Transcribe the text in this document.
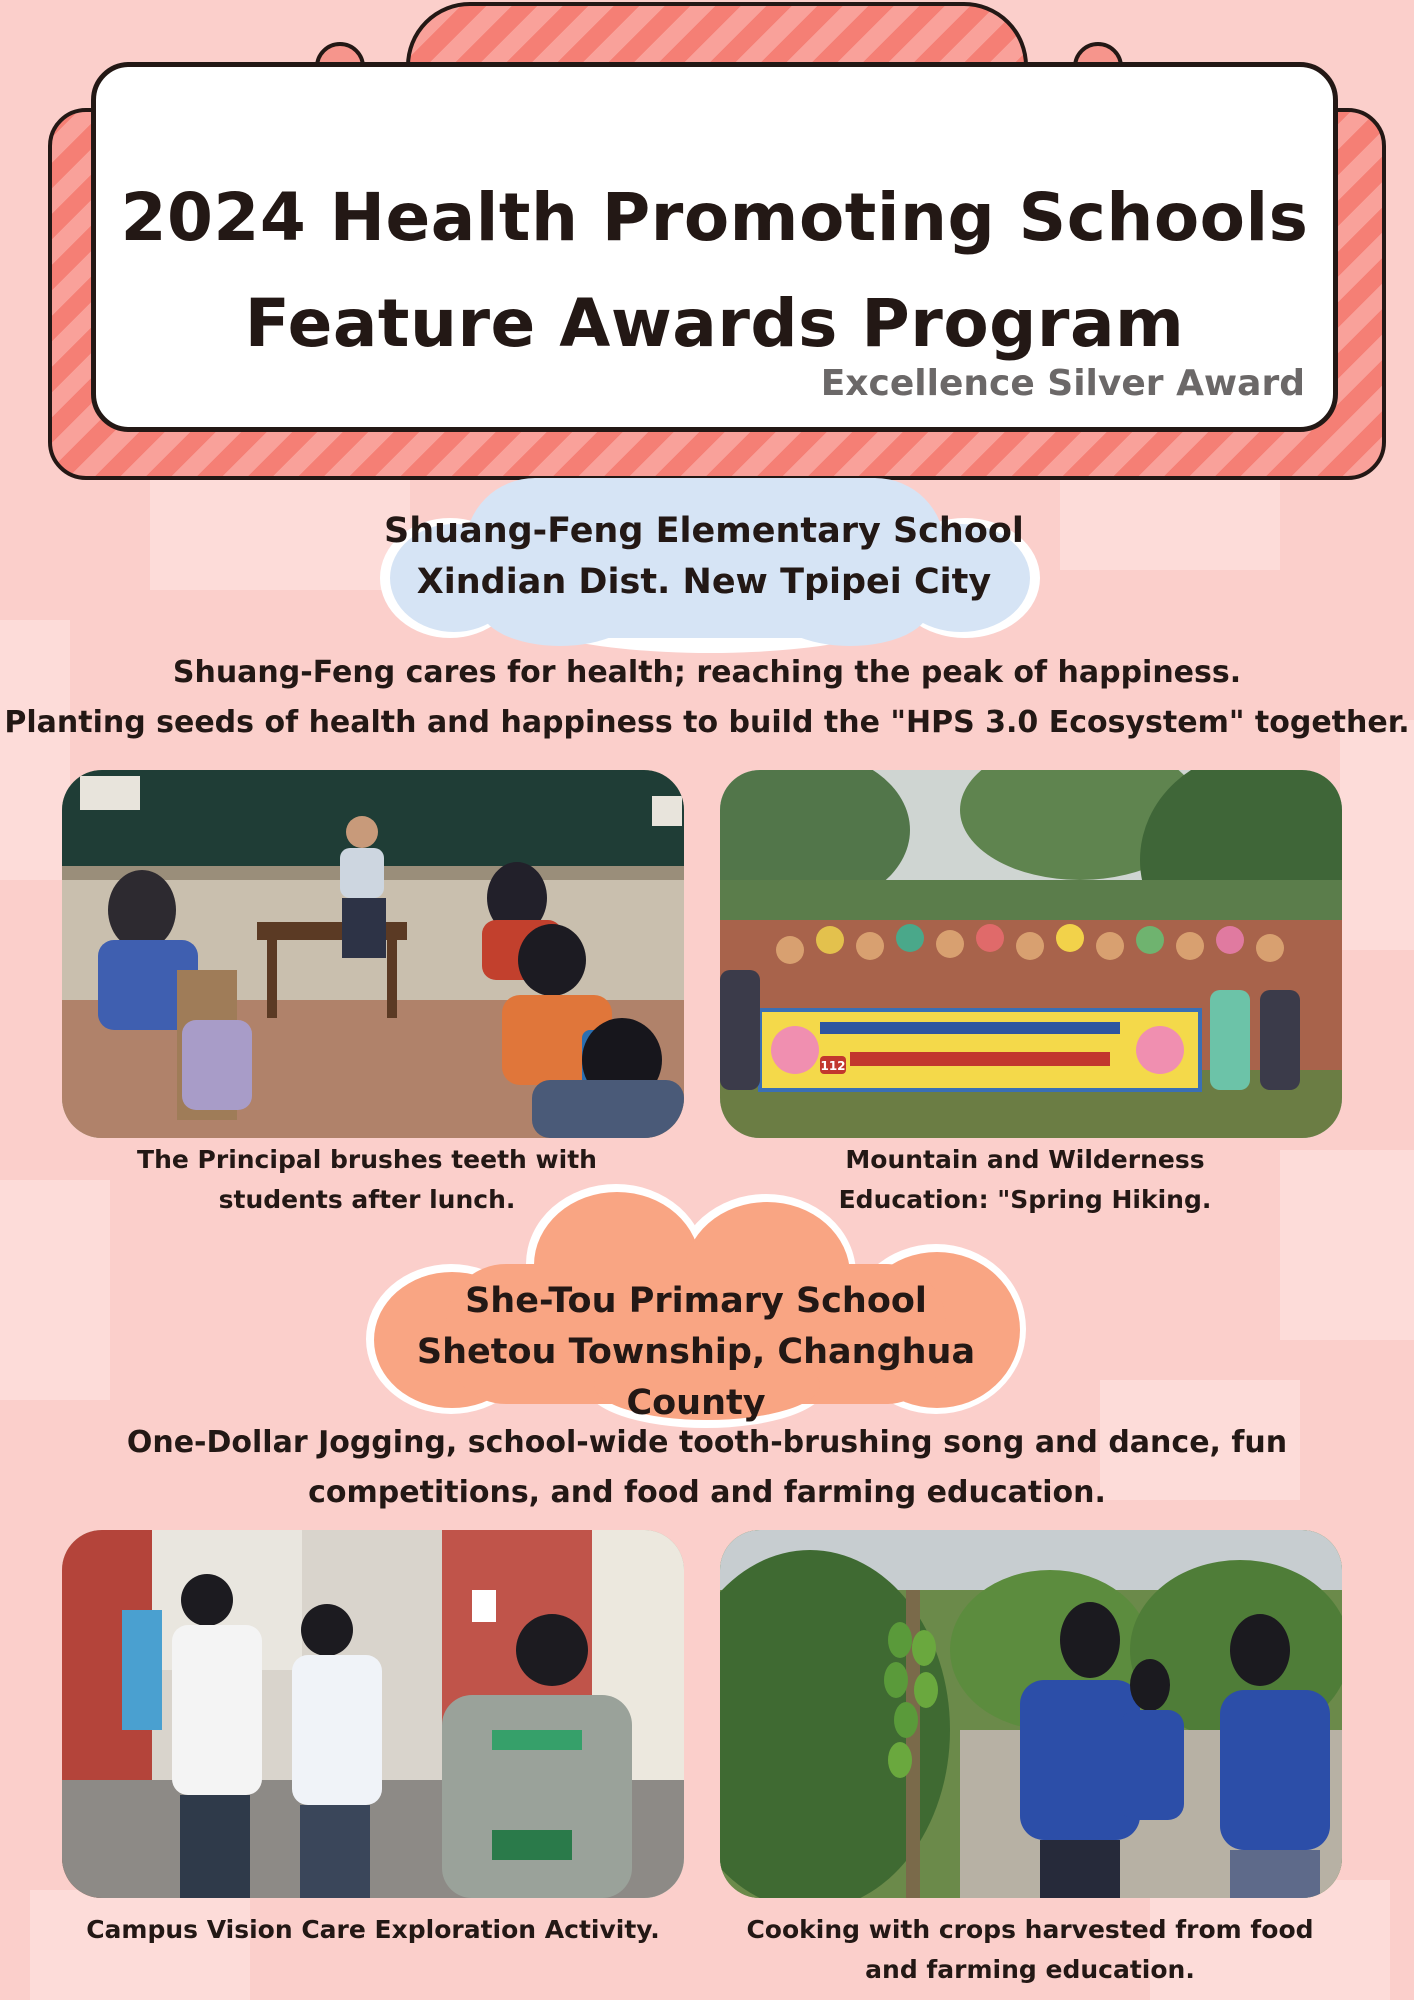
2024 Health Promoting Schools
Feature Awards Program
Excellence Silver Award
Shuang-Feng Elementary School
Xindian Dist. New Tpipei City
Shuang-Feng cares for health; reaching the peak of happiness.
Planting seeds of health and happiness to build the "HPS 3.0 Ecosystem" together.
The Principal brushes teeth with
students after lunch.
112
Mountain and Wilderness
Education: "Spring Hiking.
She-Tou Primary School
Shetou Township, Changhua County
One-Dollar Jogging, school-wide tooth-brushing song and dance, fun
competitions, and food and farming education.
Campus Vision Care Exploration Activity.	Cooking with crops harvested from food
and farming education.
